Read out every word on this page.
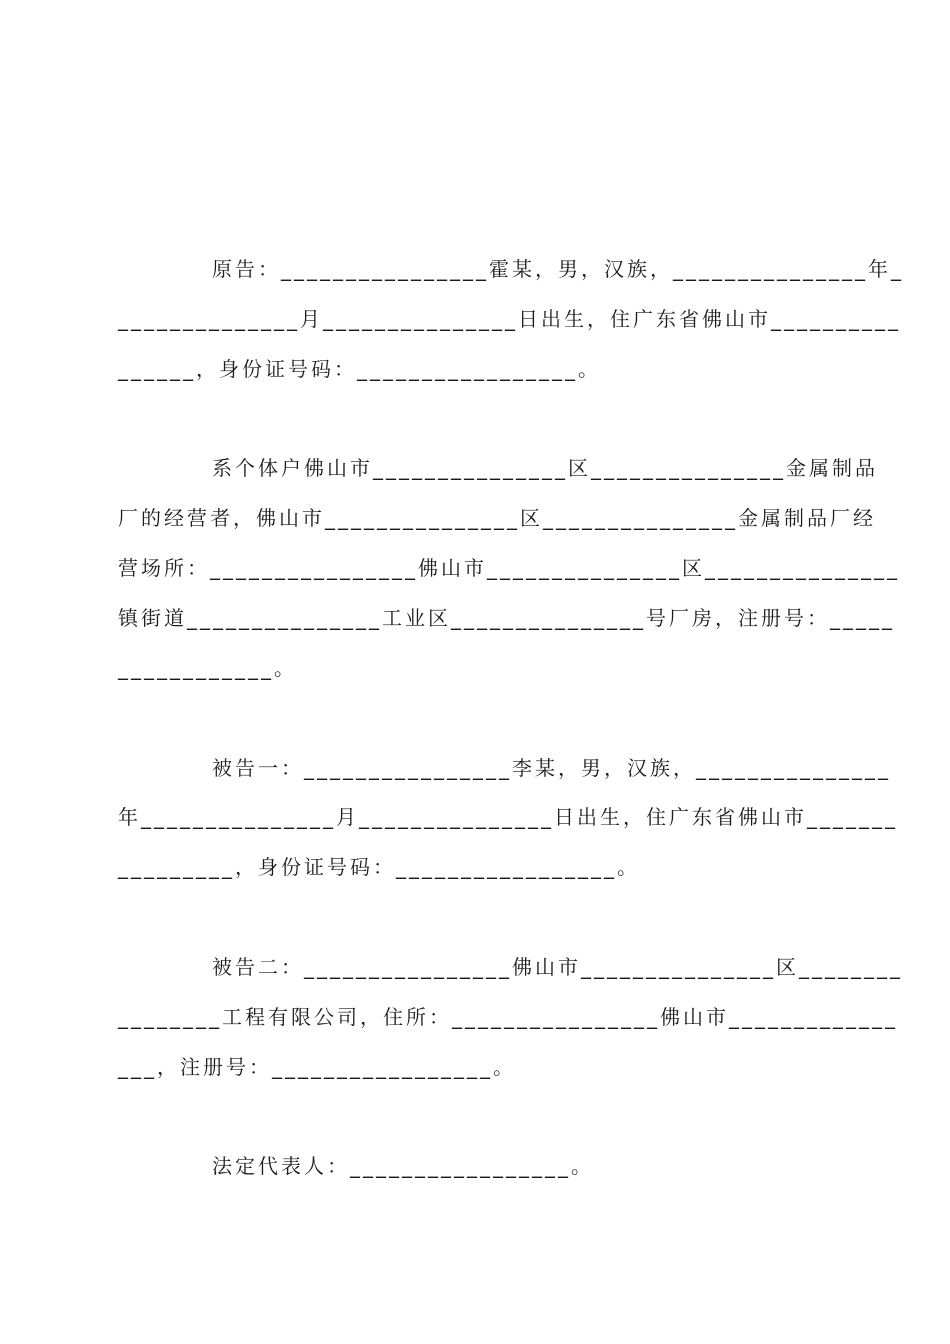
原告：________________霍某，男，汉族，_______________年_
______________月_______________日出生，住广东省佛山市__________
______，身份证号码：_________________。
系个体户佛山市_______________区_______________金属制品
厂的经营者，佛山市_______________区_______________金属制品厂经
营场所：________________佛山市_______________区_______________
镇街道_______________工业区_______________号厂房，注册号：_____
____________。
被告一：________________李某，男，汉族，_______________
年_______________月_______________日出生，住广东省佛山市_______
_________，身份证号码：_________________。
被告二：________________佛山市_______________区________
________工程有限公司，住所：________________佛山市_____________
___，注册号：_________________。
法定代表人：_________________。
